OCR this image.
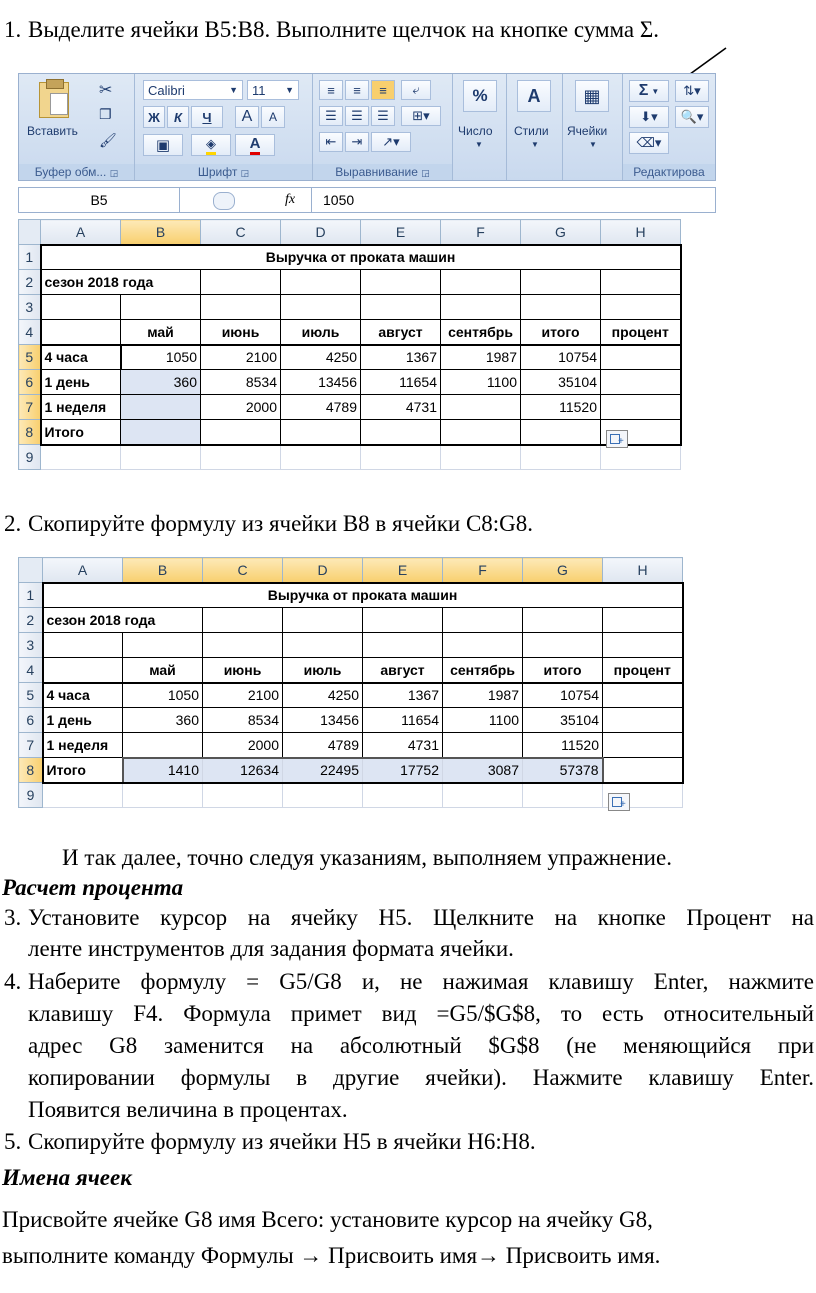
1. Выделите ячейки B5:B8. Выполните щелчок на кнопке сумма Σ.
Вставить
✂
❐
🖌
Буфер обм... ◲
Calibri	▼ 11 ▼
Ж	К	Ч	A	A
▣	◈ A
Шрифт ◲
≡	≡	≡	⤶
☰	☰	☰	⊞▾
⇤	⇥	↗▾
Выравнивание ◲
%
Число
▼
A
Стили
▼
▦
Ячейки
▼
Σ ▼	⇅▾
⬇▾	🔍▾
⌫▾
Редактирова
B5	fx 1050
	A	B	C	D	E	F	G	H
1	Выручка от проката машин							
2	сезон 2018 года							
3								
4		май	июнь	июль	август	сентябрь	итого	процент
5	4 часа	1050	2100	4250	1367	1987	10754	
6	1 день	360	8534	13456	11654	1100	35104	
7	1 неделя		2000	4789	4731		11520	
8	Итого							
9								
+
2. Скопируйте формулу из ячейки B8 в ячейки C8:G8.
	A	B	C	D	E	F	G	H
1	Выручка от проката машин							
2	сезон 2018 года							
3								
4		май	июнь	июль	август	сентябрь	итого	процент
5	4 часа	1050	2100	4250	1367	1987	10754	
6	1 день	360	8534	13456	11654	1100	35104	
7	1 неделя		2000	4789	4731		11520	
8	Итого	1410	12634	22495	17752	3087	57378	
9								
+
И так далее, точно следуя указаниям, выполняем упражнение.
Расчет процента
3. Установите курсор на ячейку H5. Щелкните на кнопке Процент на
ленте инструментов для задания формата ячейки.
4. Наберите формулу = G5/G8 и, не нажимая клавишу Enter, нажмите
клавишу F4. Формула примет вид =G5/$G$8, то есть относительный
адрес G8 заменится на абсолютный $G$8 (не меняющийся при
копировании формулы в другие ячейки). Нажмите клавишу Enter.
Появится величина в процентах.
5. Скопируйте формулу из ячейки H5 в ячейки H6:H8.
Имена ячеек
Присвойте ячейке G8 имя Всего: установите курсор на ячейку G8,
выполните команду Формулы → Присвоить имя→ Присвоить имя.
